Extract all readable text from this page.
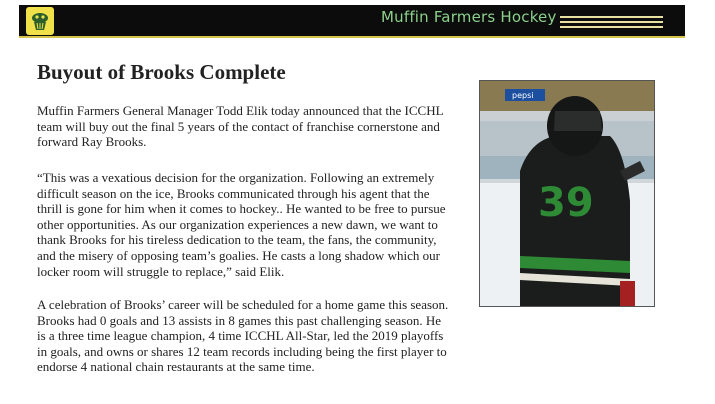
Muffin Farmers Hockey
Buyout of Brooks Complete

Muffin Farmers General Manager Todd Elik today announced that the ICCHL team will buy out the final 5 years of the contact of franchise cornerstone and forward Ray Brooks.

“This was a vexatious decision for the organization. Following an extremely difficult season on the ice, Brooks communicated through his agent that the thrill is gone for him when it comes to hockey.. He wanted to be free to pursue other opportunities. As our organization experiences a new dawn, we want to thank Brooks for his tireless dedication to the team, the fans, the community, and the misery of opposing team’s goalies. He casts a long shadow which our locker room will struggle to replace,” said Elik.

A celebration of Brooks’ career will be scheduled for a home game this season. Brooks had 0 goals and 13 assists in 8 games this past challenging season. He is a three time league champion, 4 time ICCHL All-Star, led the 2019 playoffs in goals, and owns or shares 12 team records including being the first player to endorse 4 national chain restaurants at the same time.

pepsi
39
